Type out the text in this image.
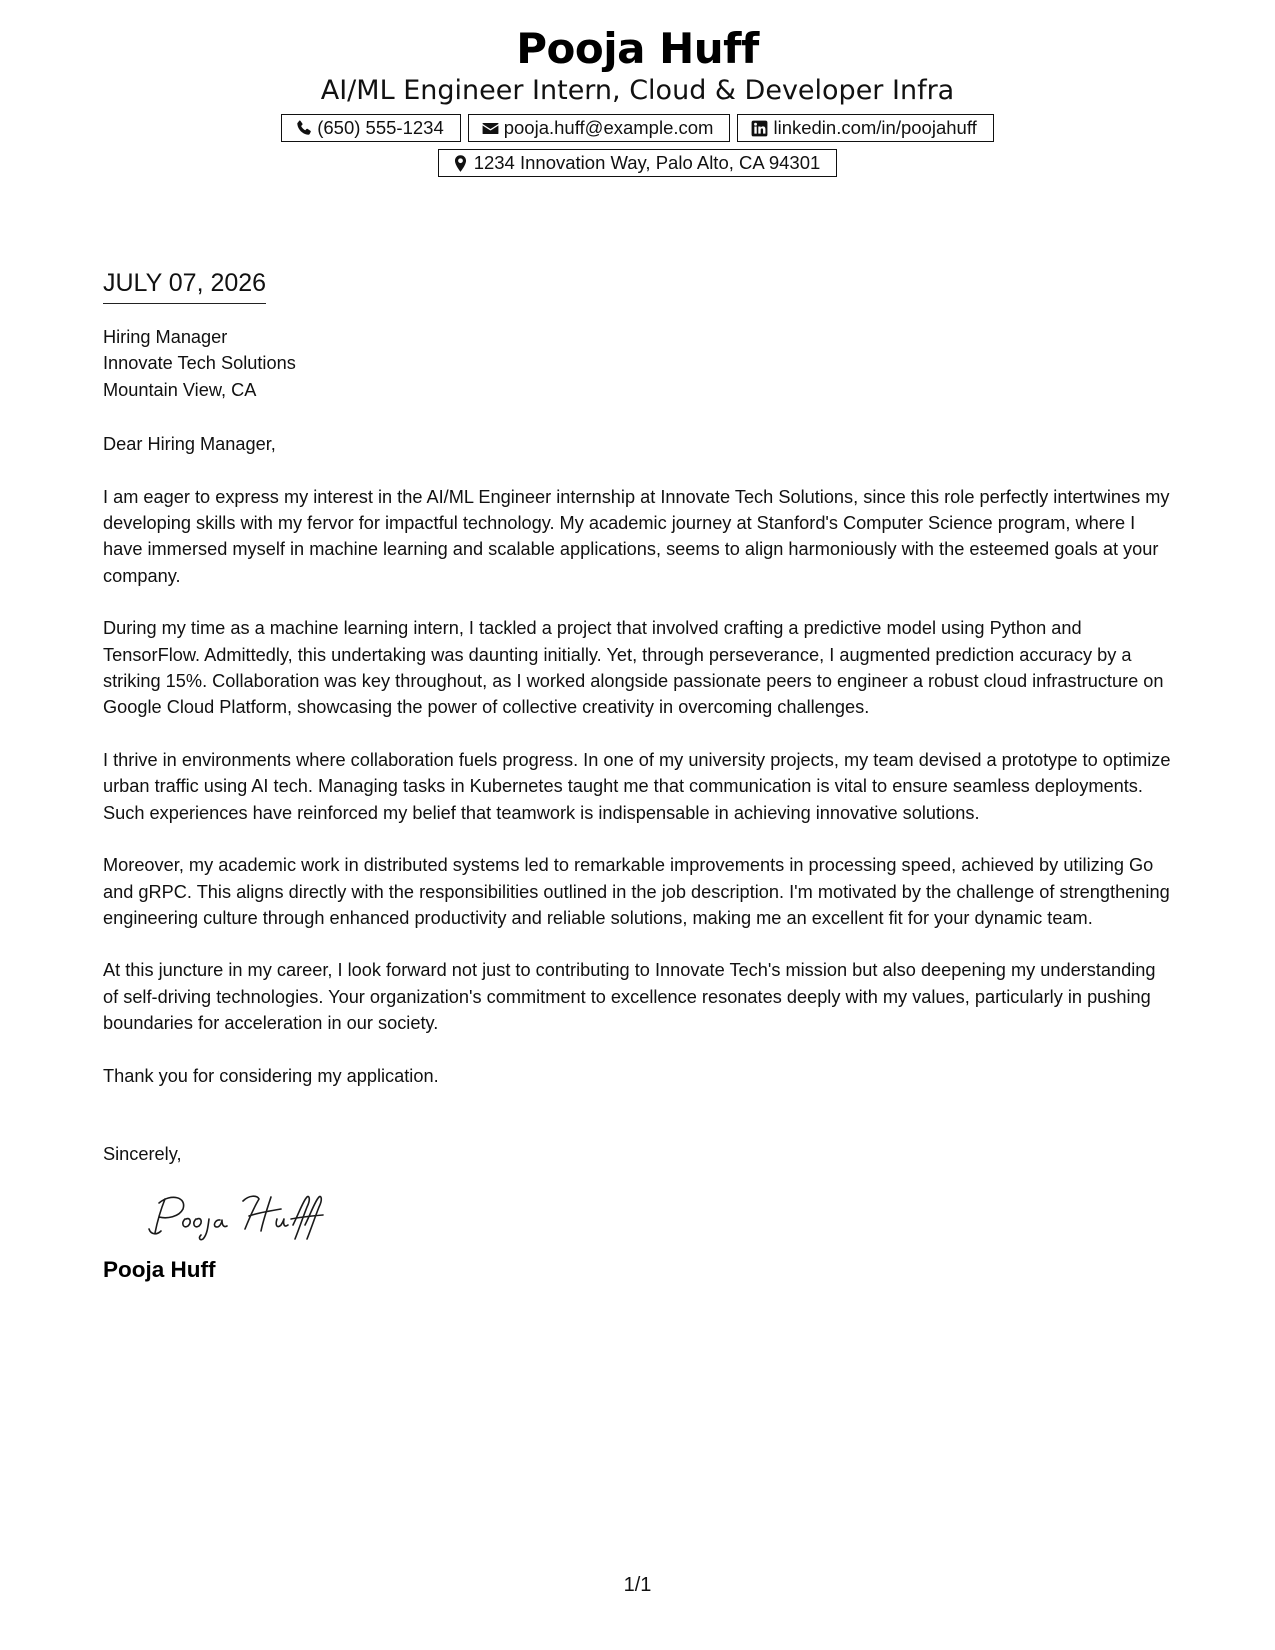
Pooja Huff
AI/ML Engineer Intern, Cloud & Developer Infra
(650) 555-1234	pooja.huff@example.com	linkedin.com/in/poojahuff
1234 Innovation Way, Palo Alto, CA 94301
JULY 07, 2026
Hiring Manager
Innovate Tech Solutions
Mountain View, CA
Dear Hiring Manager,

I am eager to express my interest in the AI/ML Engineer internship at Innovate Tech Solutions, since this role perfectly intertwines my developing skills with my fervor for impactful technology. My academic journey at Stanford's Computer Science program, where I have immersed myself in machine learning and scalable applications, seems to align harmoniously with the esteemed goals at your company.

During my time as a machine learning intern, I tackled a project that involved crafting a predictive model using Python and TensorFlow. Admittedly, this undertaking was daunting initially. Yet, through perseverance, I augmented prediction accuracy by a striking 15%. Collaboration was key throughout, as I worked alongside passionate peers to engineer a robust cloud infrastructure on Google Cloud Platform, showcasing the power of collective creativity in overcoming challenges.

I thrive in environments where collaboration fuels progress. In one of my university projects, my team devised a prototype to optimize urban traffic using AI tech. Managing tasks in Kubernetes taught me that communication is vital to ensure seamless deployments. Such experiences have reinforced my belief that teamwork is indispensable in achieving innovative solutions.

Moreover, my academic work in distributed systems led to remarkable improvements in processing speed, achieved by utilizing Go and gRPC. This aligns directly with the responsibilities outlined in the job description. I'm motivated by the challenge of strengthening engineering culture through enhanced productivity and reliable solutions, making me an excellent fit for your dynamic team.

At this juncture in my career, I look forward not just to contributing to Innovate Tech's mission but also deepening my understanding of self-driving technologies. Your organization's commitment to excellence resonates deeply with my values, particularly in pushing boundaries for acceleration in our society.

Thank you for considering my application.

Sincerely,
Pooja Huff
1/1
